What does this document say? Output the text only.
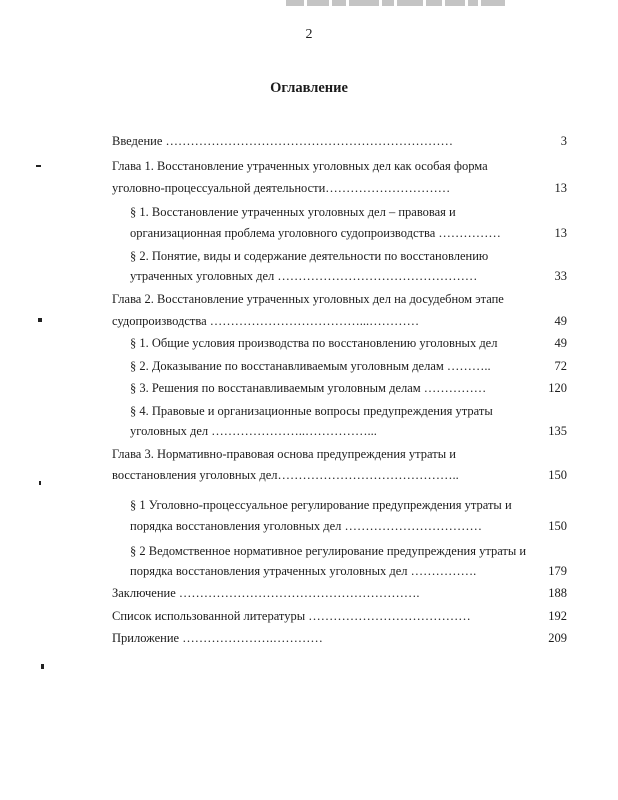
2
Оглавление
Введение ……………………………………………………………	3
Глава 1. Восстановление утраченных уголовных дел как особая форма
уголовно-процессуальной деятельности…………………………	13
§ 1. Восстановление утраченных уголовных дел – правовая и
организационная проблема уголовного судопроизводства ……………	13
§ 2. Понятие, виды и содержание деятельности по восстановлению
утраченных уголовных дел …………………………………………	33
Глава 2. Восстановление утраченных уголовных дел на досудебном этапе
судопроизводства ………………………………...…………	49
§ 1. Общие условия производства по восстановлению уголовных дел	49
§ 2. Доказывание по восстанавливаемым уголовным делам ………..	72
§ 3. Решения по восстанавливаемым уголовным делам ……………	120
§ 4. Правовые и организационные вопросы предупреждения утраты
уголовных дел …………………..……………...	135
Глава 3. Нормативно-правовая основа предупреждения утраты и
восстановления уголовных дел……………………………………..	150
§ 1 Уголовно-процессуальное регулирование предупреждения утраты и
порядка восстановления уголовных дел ……………………………	150
§ 2 Ведомственное нормативное регулирование предупреждения утраты и
порядка восстановления утраченных уголовных дел …………….	179
Заключение ………………………………………………….	188
Список использованной литературы …………………………………	192
Приложение ………………….…………	209
